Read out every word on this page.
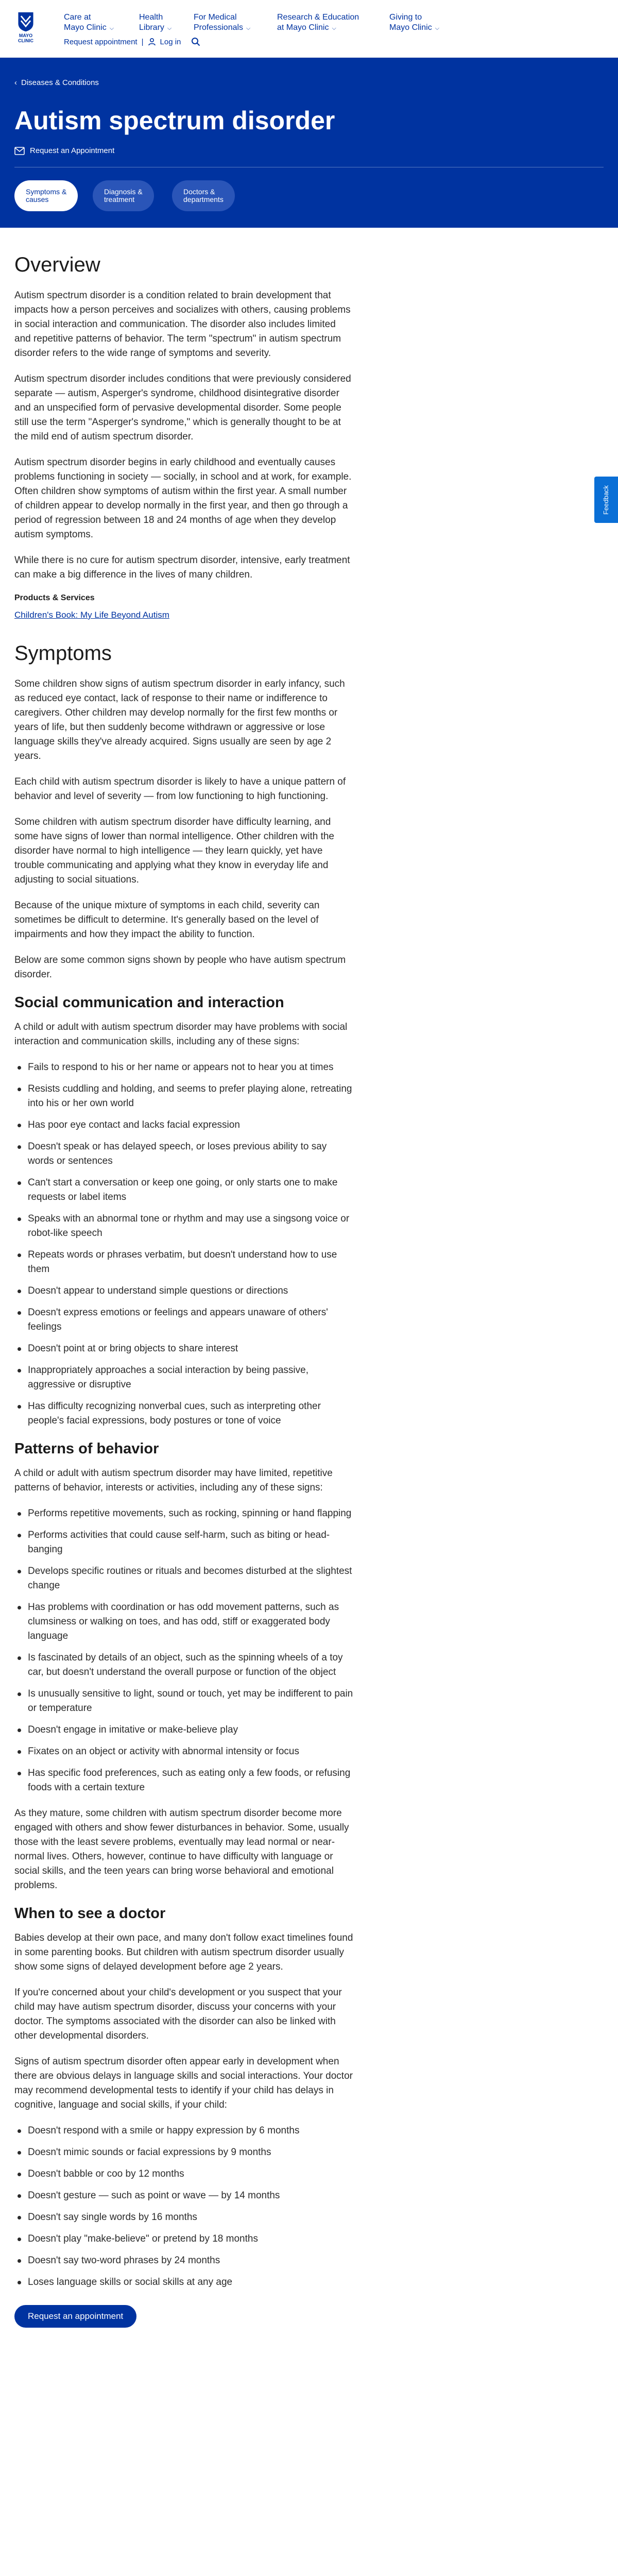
MAYO CLINIC
Care at
Mayo Clinic ⌵
Health
Library ⌵
For Medical
Professionals ⌵
Research & Education
at Mayo Clinic ⌵
Giving to
Mayo Clinic ⌵
Request appointment | Log in
‹ Diseases & Conditions
Autism spectrum disorder
Request an Appointment
Symptoms &
causes
Diagnosis &
treatment
Doctors &
departments
Feedback
Overview

Autism spectrum disorder is a condition related to brain development that impacts how a person perceives and socializes with others, causing problems in social interaction and communication. The disorder also includes limited and repetitive patterns of behavior. The term "spectrum" in autism spectrum disorder refers to the wide range of symptoms and severity.

Autism spectrum disorder includes conditions that were previously considered separate — autism, Asperger's syndrome, childhood disintegrative disorder and an unspecified form of pervasive developmental disorder. Some people still use the term "Asperger's syndrome," which is generally thought to be at the mild end of autism spectrum disorder.

Autism spectrum disorder begins in early childhood and eventually causes problems functioning in society — socially, in school and at work, for example. Often children show symptoms of autism within the first year. A small number of children appear to develop normally in the first year, and then go through a period of regression between 18 and 24 months of age when they develop autism symptoms.

While there is no cure for autism spectrum disorder, intensive, early treatment can make a big difference in the lives of many children.

Products & Services
Children's Book: My Life Beyond Autism
Symptoms

Some children show signs of autism spectrum disorder in early infancy, such as reduced eye contact, lack of response to their name or indifference to caregivers. Other children may develop normally for the first few months or years of life, but then suddenly become withdrawn or aggressive or lose language skills they've already acquired. Signs usually are seen by age 2 years.

Each child with autism spectrum disorder is likely to have a unique pattern of behavior and level of severity — from low functioning to high functioning.

Some children with autism spectrum disorder have difficulty learning, and some have signs of lower than normal intelligence. Other children with the disorder have normal to high intelligence — they learn quickly, yet have trouble communicating and applying what they know in everyday life and adjusting to social situations.

Because of the unique mixture of symptoms in each child, severity can sometimes be difficult to determine. It's generally based on the level of impairments and how they impact the ability to function.

Below are some common signs shown by people who have autism spectrum disorder.

Social communication and interaction

A child or adult with autism spectrum disorder may have problems with social interaction and communication skills, including any of these signs:

Fails to respond to his or her name or appears not to hear you at times
Resists cuddling and holding, and seems to prefer playing alone, retreating into his or her own world
Has poor eye contact and lacks facial expression
Doesn't speak or has delayed speech, or loses previous ability to say words or sentences
Can't start a conversation or keep one going, or only starts one to make requests or label items
Speaks with an abnormal tone or rhythm and may use a singsong voice or robot-like speech
Repeats words or phrases verbatim, but doesn't understand how to use them
Doesn't appear to understand simple questions or directions
Doesn't express emotions or feelings and appears unaware of others' feelings
Doesn't point at or bring objects to share interest
Inappropriately approaches a social interaction by being passive, aggressive or disruptive
Has difficulty recognizing nonverbal cues, such as interpreting other people's facial expressions, body postures or tone of voice
Patterns of behavior

A child or adult with autism spectrum disorder may have limited, repetitive patterns of behavior, interests or activities, including any of these signs:

Performs repetitive movements, such as rocking, spinning or hand flapping
Performs activities that could cause self-harm, such as biting or head-banging
Develops specific routines or rituals and becomes disturbed at the slightest change
Has problems with coordination or has odd movement patterns, such as clumsiness or walking on toes, and has odd, stiff or exaggerated body language
Is fascinated by details of an object, such as the spinning wheels of a toy car, but doesn't understand the overall purpose or function of the object
Is unusually sensitive to light, sound or touch, yet may be indifferent to pain or temperature
Doesn't engage in imitative or make-believe play
Fixates on an object or activity with abnormal intensity or focus
Has specific food preferences, such as eating only a few foods, or refusing foods with a certain texture

As they mature, some children with autism spectrum disorder become more engaged with others and show fewer disturbances in behavior. Some, usually those with the least severe problems, eventually may lead normal or near-normal lives. Others, however, continue to have difficulty with language or social skills, and the teen years can bring worse behavioral and emotional problems.

When to see a doctor

Babies develop at their own pace, and many don't follow exact timelines found in some parenting books. But children with autism spectrum disorder usually show some signs of delayed development before age 2 years.

If you're concerned about your child's development or you suspect that your child may have autism spectrum disorder, discuss your concerns with your doctor. The symptoms associated with the disorder can also be linked with other developmental disorders.

Signs of autism spectrum disorder often appear early in development when there are obvious delays in language skills and social interactions. Your doctor may recommend developmental tests to identify if your child has delays in cognitive, language and social skills, if your child:

Doesn't respond with a smile or happy expression by 6 months
Doesn't mimic sounds or facial expressions by 9 months
Doesn't babble or coo by 12 months
Doesn't gesture — such as point or wave — by 14 months
Doesn't say single words by 16 months
Doesn't play "make-believe" or pretend by 18 months
Doesn't say two-word phrases by 24 months
Loses language skills or social skills at any age
Request an appointment
